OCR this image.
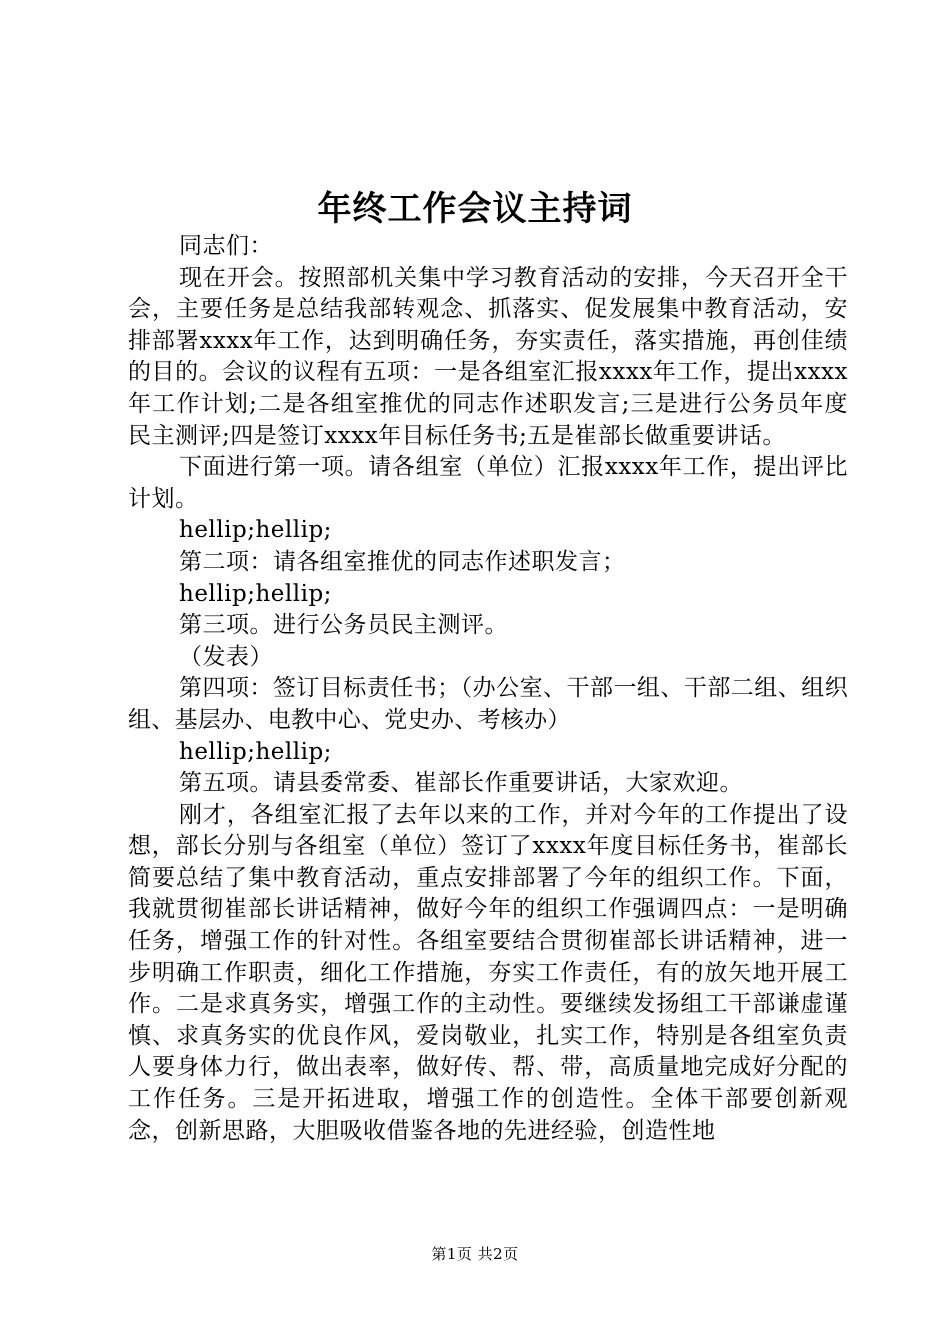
年终工作会议主持词

同志们：

现在开会。按照部机关集中学习教育活动的安排，今天召开全干会，主要任务是总结我部转观念、抓落实、促发展集中教育活动，安排部署xxxx年工作，达到明确任务，夯实责任，落实措施，再创佳绩的目的。会议的议程有五项：一是各组室汇报xxxx年工作，提出xxxx年工作计划;二是各组室推优的同志作述职发言;三是进行公务员年度民主测评;四是签订xxxx年目标任务书;五是崔部长做重要讲话。

下面进行第一项。请各组室（单位）汇报xxxx年工作，提出评比计划。

hellip;hellip;

第二项：请各组室推优的同志作述职发言；

hellip;hellip;

第三项。进行公务员民主测评。

（发表）

第四项：签订目标责任书；（办公室、干部一组、干部二组、组织组、基层办、电教中心、党史办、考核办）

hellip;hellip;

第五项。请县委常委、崔部长作重要讲话，大家欢迎。

刚才，各组室汇报了去年以来的工作，并对今年的工作提出了设想，部长分别与各组室（单位）签订了xxxx年度目标任务书，崔部长简要总结了集中教育活动，重点安排部署了今年的组织工作。下面，我就贯彻崔部长讲话精神，做好今年的组织工作强调四点：一是明确任务，增强工作的针对性。各组室要结合贯彻崔部长讲话精神，进一步明确工作职责，细化工作措施，夯实工作责任，有的放矢地开展工作。二是求真务实，增强工作的主动性。要继续发扬组工干部谦虚谨慎、求真务实的优良作风，爱岗敬业，扎实工作，特别是各组室负责人要身体力行，做出表率，做好传、帮、带，高质量地完成好分配的工作任务。三是开拓进取，增强工作的创造性。全体干部要创新观念，创新思路，大胆吸收借鉴各地的先进经验，创造性地

第1页 共2页
